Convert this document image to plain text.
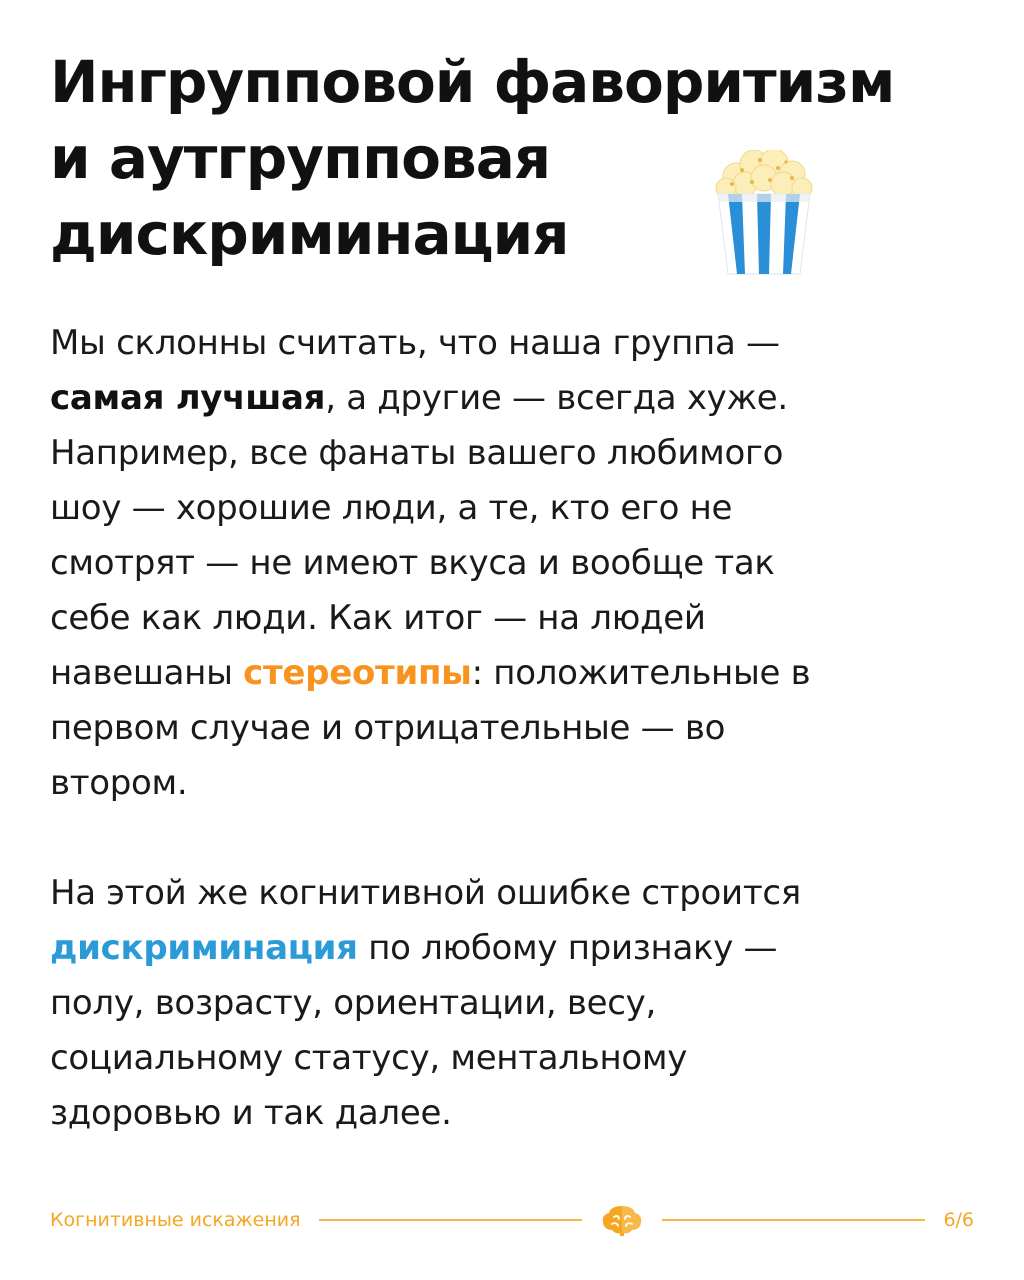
Ингрупповой фаворитизм
и аутгрупповая
дискриминация
Мы склонны считать, что наша группа —
самая лучшая, а другие — всегда хуже.
Например, все фанаты вашего любимого
шоу — хорошие люди, а те, кто его не
смотрят — не имеют вкуса и вообще так
себе как люди. Как итог — на людей
навешаны стереотипы: положительные в
первом случае и отрицательные — во
втором.
На этой же когнитивной ошибке строится
дискриминация по любому признаку —
полу, возрасту, ориентации, весу,
социальному статусу, ментальному
здоровью и так далее.
Когнитивные искажения	6/6
